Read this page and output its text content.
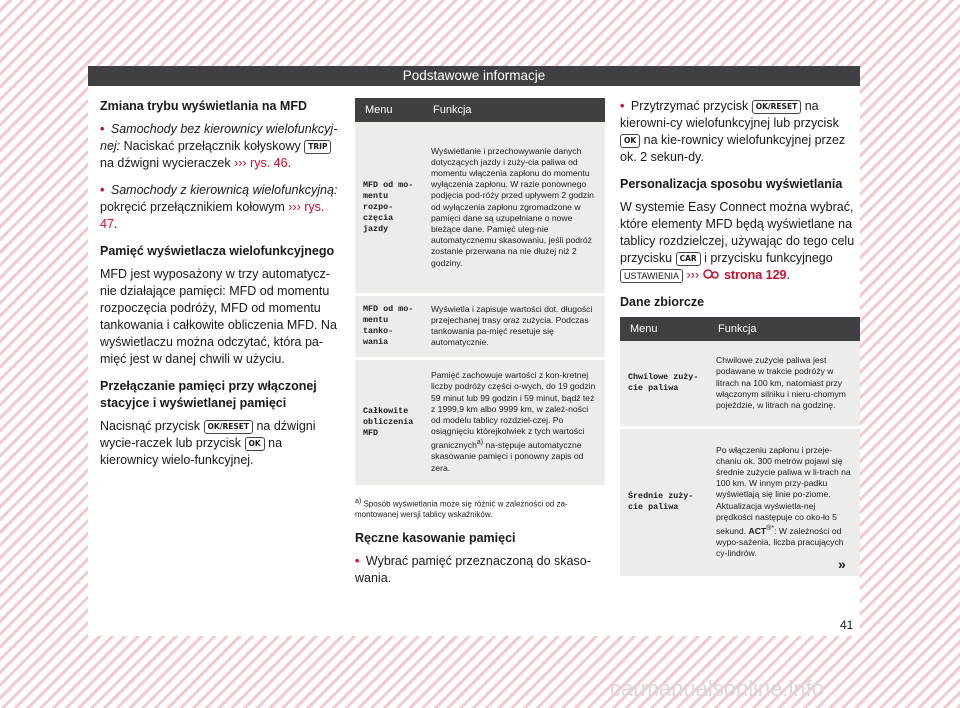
Podstawowe informacje
Zmiana trybu wyświetlania na MFD

• Samochody bez kierownicy wielofunkcyj-nej: Naciskać przełącznik kołyskowy TRIP na dźwigni wycieraczek ››› rys. 46.

• Samochody z kierownicą wielofunkcyjną: pokręcić przełącznikiem kołowym ››› rys. 47.

Pamięć wyświetlacza wielofunkcyjnego

MFD jest wyposażony w trzy automatycz-nie działające pamięci: MFD od momentu rozpoczęcia podróży, MFD od momentu tankowania i całkowite obliczenia MFD. Na wyświetlaczu można odczytać, która pa-mięć jest w danej chwili w użyciu.

Przełączanie pamięci przy włączonej stacyjce i wyświetlanej pamięci

Nacisnąć przycisk OK/RESET na dźwigni wycie-raczek lub przycisk OK na kierownicy wielo-funkcyjnej.

Menu	Funkcja
MFD od mo-mentu rozpo-częcia jazdy	Wyświetlanie i przechowywanie danych dotyczących jazdy i zuży-cia paliwa od momentu włączenia zapłonu do momentu wyłączenia zapłonu. W razie ponownego podjęcia pod-róży przed upływem 2 godzin od wyłączenia zapłonu zgromadzone w pamięci dane są uzupełniane o nowe bieżące dane. Pamięć uleg-nie automatycznemu skasowaniu, jeśli podróż zostanie przerwana na nie dłużej niż 2 godziny.
MFD od mo-mentu tanko-wania	Wyświetla i zapisuje wartości dot. długości przejechanej trasy oraz zużycia. Podczas tankowania pa-mięć resetuje się automatycznie.
Całkowite obliczenia MFD	Pamięć zachowuje wartości z kon-kretnej liczby podróży części o-wych, do 19 godzin 59 minut lub 99 godzin i 59 minut, bądź też z 1999,9 km albo 9999 km, w zależ-ności od modelu tablicy rozdziel-czej. Po osiągnięciu którejkolwiek z tych wartości granicznych$^{a)}$ na-stępuje automatyczne skasowanie pamięci i ponowny zapis od zera.
a) Sposób wyświetlania może się różnić w zależności od za-montowanej wersji tablicy wskaźników.
Ręczne kasowanie pamięci

• Wybrać pamięć przeznaczoną do skaso-wania.

• Przytrzymać przycisk OK/RESET na kierowni-cy wielofunkcyjnej lub przycisk OK na kie-rownicy wielofunkcyjnej przez ok. 2 sekun-dy.

Personalizacja sposobu wyświetlania

W systemie Easy Connect można wybrać, które elementy MFD będą wyświetlane na tablicy rozdzielczej, używając do tego celu przycisku CAR i przycisku funkcyjnego USTAWIENIA ›››  strona 129.

Dane zbiorcze
Menu	Funkcja
Chwilowe zuży-cie paliwa	Chwilowe zużycie paliwa jest podawane w trakcie podróży w litrach na 100 km, natomiast przy włączonym silniku i nieru-chomym pojeździe, w litrach na godzinę.
Średnie zuży-cie paliwa	Po włączeniu zapłonu i przeje-chaniu ok. 300 metrów pojawi się średnie zużycie paliwa w li-trach na 100 km. W innym przy-padku wyświetlają się linie po-ziome. Aktualizacja wyświetla-nej prędkości następuje co oko-ło 5 sekund. ACT®*: W zależności od wypo-sażenia, liczba pracujących cy-lindrów.
»
41
carmanualsonline.info
